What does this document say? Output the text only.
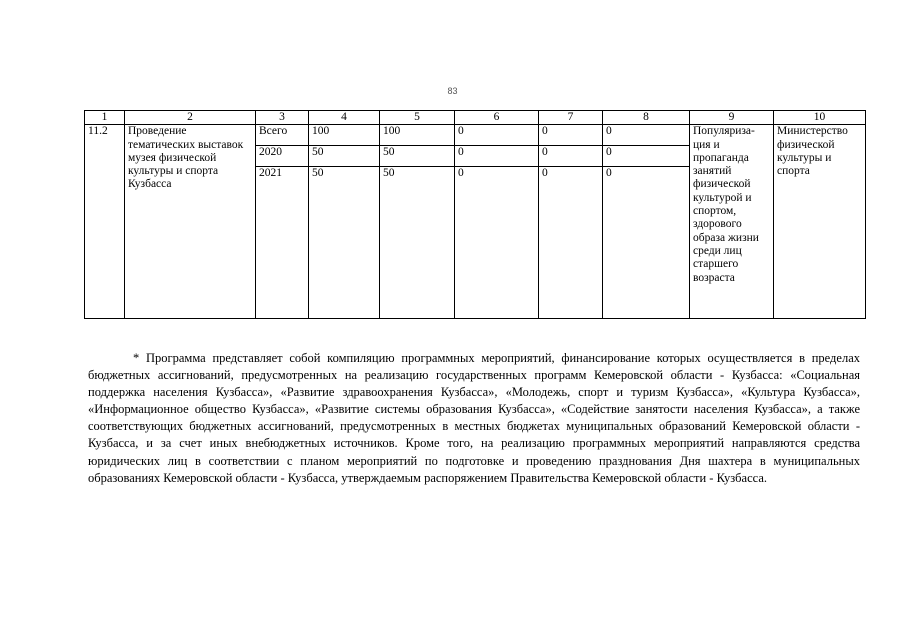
83
1	2	3	4	5	6	7	8	9	10
11.2	Проведение тематических выставок музея физической культуры и спорта Кузбасса	Всего	100	100	0	0	0	Популяриза-ция и пропаганда занятий физической культурой и спортом, здорового образа жизни среди лиц старшего возраста	Министерство физической культуры и спорта
		2020	50	50	0	0	0		
		2021	50	50	0	0	0		

* Программа представляет собой компиляцию программных мероприятий, финансирование которых осуществляется в пределах бюджетных ассигнований, предусмотренных на реализацию государственных программ Кемеровской области - Кузбасса: «Социальная поддержка населения Кузбасса», «Развитие здравоохранения Кузбасса», «Молодежь, спорт и туризм Кузбасса», «Культура Кузбасса», «Информационное общество Кузбасса», «Развитие системы образования Кузбасса», «Содействие занятости населения Кузбасса», а также соответствующих бюджетных ассигнований, предусмотренных в местных бюджетах муниципальных образований Кемеровской области - Кузбасса, и за счет иных внебюджетных источников. Кроме того, на реализацию программных мероприятий направляются средства юридических лиц в соответствии с планом мероприятий по подготовке и проведению празднования Дня шахтера в муниципальных образованиях Кемеровской области - Кузбасса, утверждаемым распоряжением Правительства Кемеровской области - Кузбасса.
